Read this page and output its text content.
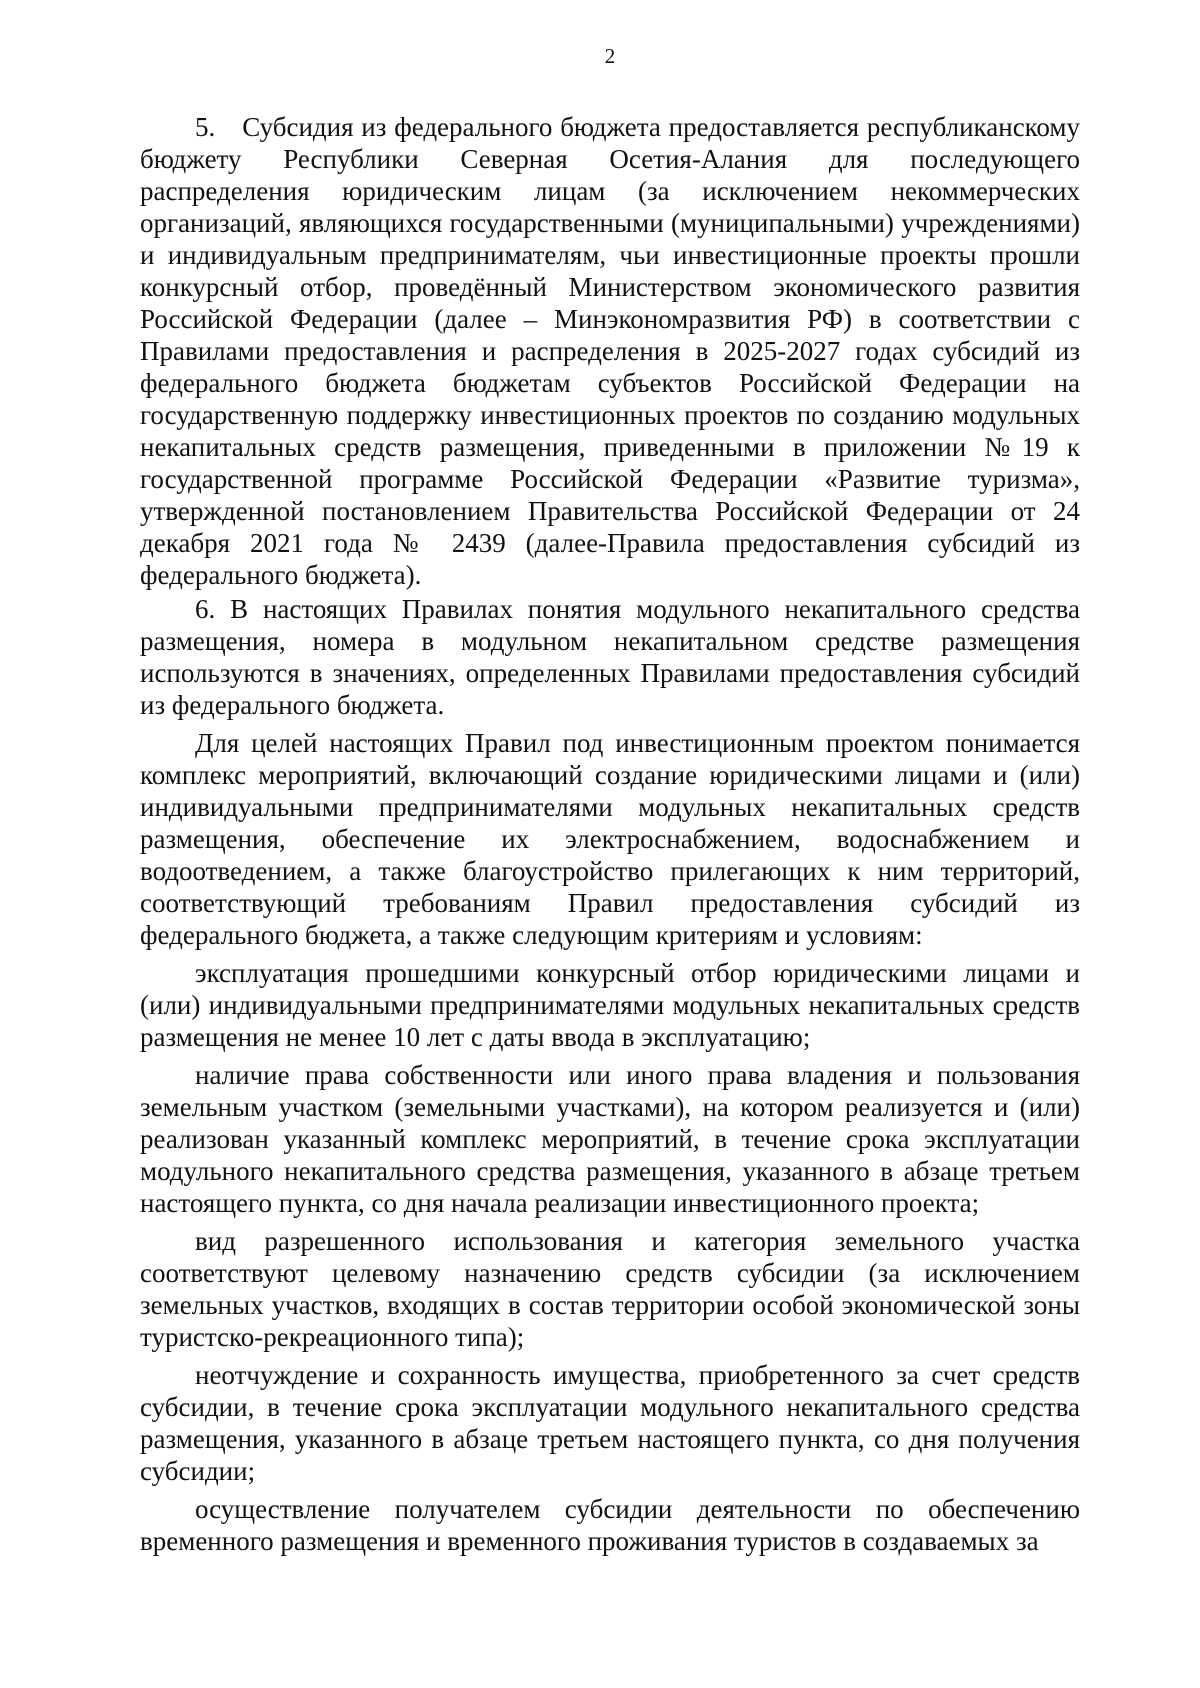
2

5. Субсидия из федерального бюджета предоставляется республиканскому бюджету Республики Северная Осетия-Алания для последующего распределения юридическим лицам (за исключением некоммерческих организаций, являющихся государственными (муниципальными) учреждениями) и индивидуальным предпринимателям, чьи инвестиционные проекты прошли конкурсный отбор, проведённый Министерством экономического развития Российской Федерации (далее – Минэкономразвития РФ) в соответствии с Правилами предоставления и распределения в 2025-2027 годах субсидий из федерального бюджета бюджетам субъектов Российской Федерации на государственную поддержку инвестиционных проектов по созданию модульных некапитальных средств размещения, приведенными в приложении №19 к государственной программе Российской Федерации «Развитие туризма», утвержденной постановлением Правительства Российской Федерации от 24 декабря 2021 года № 2439 (далее-Правила предоставления субсидий из федерального бюджета).

6. В настоящих Правилах понятия модульного некапитального средства размещения, номера в модульном некапитальном средстве размещения используются в значениях, определенных Правилами предоставления субсидий из федерального бюджета.

Для целей настоящих Правил под инвестиционным проектом понимается комплекс мероприятий, включающий создание юридическими лицами и (или) индивидуальными предпринимателями модульных некапитальных средств размещения, обеспечение их электроснабжением, водоснабжением и водоотведением, а также благоустройство прилегающих к ним территорий, соответствующий требованиям Правил предоставления субсидий из федерального бюджета, а также следующим критериям и условиям:

эксплуатация прошедшими конкурсный отбор юридическими лицами и (или) индивидуальными предпринимателями модульных некапитальных средств размещения не менее 10 лет с даты ввода в эксплуатацию;

наличие права собственности или иного права владения и пользования земельным участком (земельными участками), на котором реализуется и (или) реализован указанный комплекс мероприятий, в течение срока эксплуатации модульного некапитального средства размещения, указанного в абзаце третьем настоящего пункта, со дня начала реализации инвестиционного проекта;

вид разрешенного использования и категория земельного участка соответствуют целевому назначению средств субсидии (за исключением земельных участков, входящих в состав территории особой экономической зоны туристско-рекреационного типа);

неотчуждение и сохранность имущества, приобретенного за счет средств субсидии, в течение срока эксплуатации модульного некапитального средства размещения, указанного в абзаце третьем настоящего пункта, со дня получения субсидии;

осуществление получателем субсидии деятельности по обеспечению временного размещения и временного проживания туристов в создаваемых за
